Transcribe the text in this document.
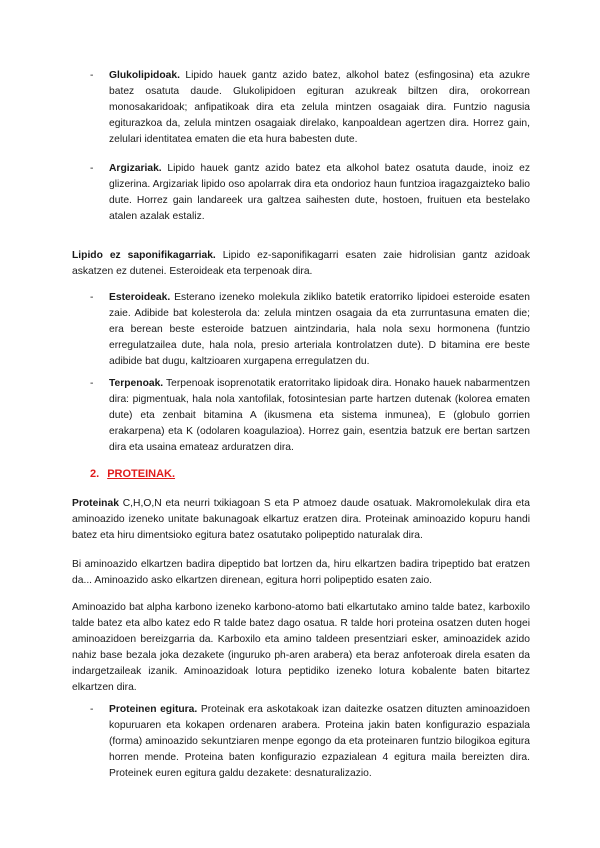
- Glukolipidoak. Lipido hauek gantz azido batez, alkohol batez (esfingosina) eta azukre batez osatuta daude. Glukolipidoen egituran azukreak biltzen dira, orokorrean monosakaridoak; anfipatikoak dira eta zelula mintzen osagaiak dira. Funtzio nagusia egiturazkoa da, zelula mintzen osagaiak direlako, kanpoaldean agertzen dira. Horrez gain, zelulari identitatea ematen die eta hura babesten dute.
- Argizariak. Lipido hauek gantz azido batez eta alkohol batez osatuta daude, inoiz ez glizerina. Argizariak lipido oso apolarrak dira eta ondorioz haun funtzioa iragazgaizteko balio dute. Horrez gain landareek ura galtzea saihesten dute, hostoen, fruituen eta bestelako atalen azalak estaliz.
Lipido ez saponifikagarriak. Lipido ez-saponifikagarri esaten zaie hidrolisian gantz azidoak askatzen ez dutenei. Esteroideak eta terpenoak dira.
- Esteroideak. Esterano izeneko molekula zikliko batetik eratorriko lipidoei esteroide esaten zaie. Adibide bat kolesterola da: zelula mintzen osagaia da eta zurruntasuna ematen die; era berean beste esteroide batzuen aintzindaria, hala nola sexu hormonena (funtzio erregulatzailea dute, hala nola, presio arteriala kontrolatzen dute). D bitamina ere beste adibide bat dugu, kaltzioaren xurgapena erregulatzen du.
- Terpenoak. Terpenoak isoprenotatik eratorritako lipidoak dira. Honako hauek nabarmentzen dira: pigmentuak, hala nola xantofilak, fotosintesian parte hartzen dutenak (kolorea ematen dute) eta zenbait bitamina A (ikusmena eta sistema inmunea), E (globulo gorrien erakarpena) eta K (odolaren koagulazioa). Horrez gain, esentzia batzuk ere bertan sartzen dira eta usaina emateaz arduratzen dira.
2. PROTEINAK.
Proteinak C,H,O,N eta neurri txikiagoan S eta P atmoez daude osatuak. Makromolekulak dira eta aminoazido izeneko unitate bakunagoak elkartuz eratzen dira. Proteinak aminoazido kopuru handi batez eta hiru dimentsioko egitura batez osatutako polipeptido naturalak dira.
Bi aminoazido elkartzen badira dipeptido bat lortzen da, hiru elkartzen badira tripeptido bat eratzen da... Aminoazido asko elkartzen direnean, egitura horri polipeptido esaten zaio.
Aminoazido bat alpha karbono izeneko karbono-atomo bati elkartutako amino talde batez, karboxilo talde batez eta albo katez edo R talde batez dago osatua. R talde hori proteina osatzen duten hogei aminoazidoen bereizgarria da. Karboxilo eta amino taldeen presentziari esker, aminoazidek azido nahiz base bezala joka dezakete (inguruko ph-aren arabera) eta beraz anfoterоak direla esaten da indargetzaileak izanik. Aminoazidoak lotura peptidiko izeneko lotura kobalente baten bitartez elkartzen dira.
- Proteinen egitura. Proteinak era askotakoak izan daitezke osatzen dituzten aminoazidoen kopuruaren eta kokapen ordenaren arabera. Proteina jakin baten konfigurazio espaziala (forma) aminoazido sekuntziaren menpe egongo da eta proteinaren funtzio bilogikoa egitura horren mende. Proteina baten konfigurazio ezpazialean 4 egitura maila bereizten dira. Proteinek euren egitura galdu dezakete: desnaturalizazio.
